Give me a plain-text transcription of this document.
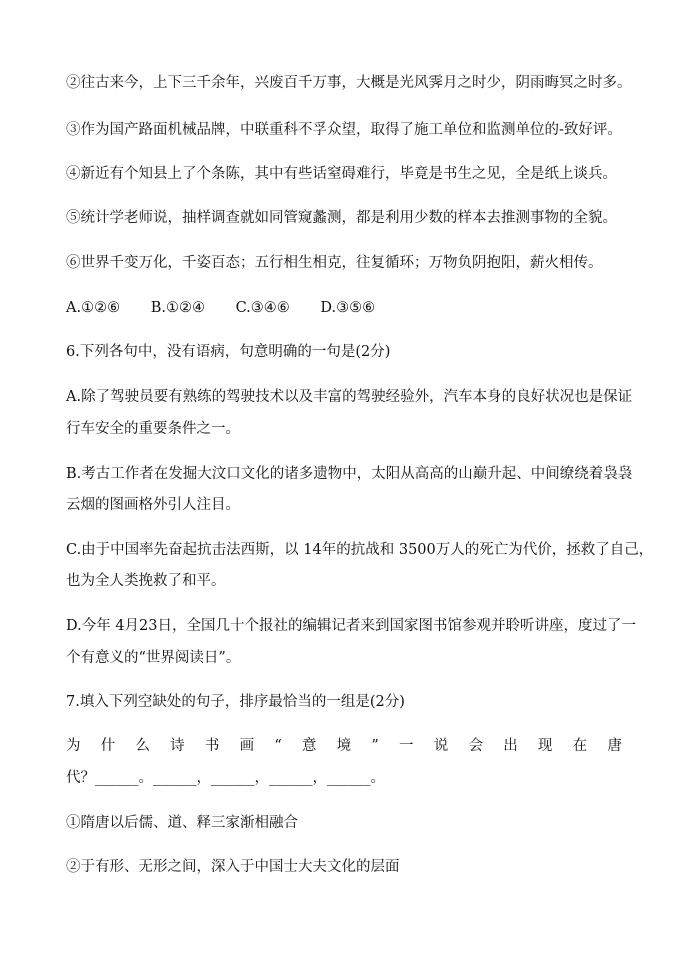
②往古来今，上下三千余年，兴废百千万事，大概是光风霁月之时少，阴雨晦冥之时多。

③作为国产路面机械品牌，中联重科不孚众望，取得了施工单位和监测单位的-致好评。

④新近有个知县上了个条陈，其中有些话窒碍难行，毕竟是书生之见，全是纸上谈兵。

⑤统计学老师说，抽样调查就如同管窥蠡测，都是利用少数的样本去推测事物的全貌。

⑥世界千变万化，千姿百态；五行相生相克，往复循环；万物负阴抱阳，薪火相传。

A.①②⑥ B.①②④ C.③④⑥ D.③⑤⑥

6.下列各句中，没有语病，句意明确的一句是(2分)

A.除了驾驶员要有熟练的驾驶技术以及丰富的驾驶经验外，汽车本身的良好状况也是保证

行车安全的重要条件之一。

B.考古工作者在发掘大汶口文化的诸多遗物中，太阳从高高的山巅升起、中间缭绕着袅袅

云烟的图画格外引人注目。

C.由于中国率先奋起抗击法西斯，以 14年的抗战和 3500万人的死亡为代价，拯救了自己，

也为全人类挽救了和平。

D.今年 4月23日，全国几十个报社的编辑记者来到国家图书馆参观并聆听讲座，度过了一

个有意义的“世界阅读日”。

7.填入下列空缺处的句子，排序最恰当的一组是(2分)

为 什 么 诗 书 画 “ 意 境 ” 一 说 会 出 现 在 唐

代？______。______，______，______，______。

①隋唐以后儒、道、释三家渐相融合

②于有形、无形之间，深入于中国士大夫文化的层面
